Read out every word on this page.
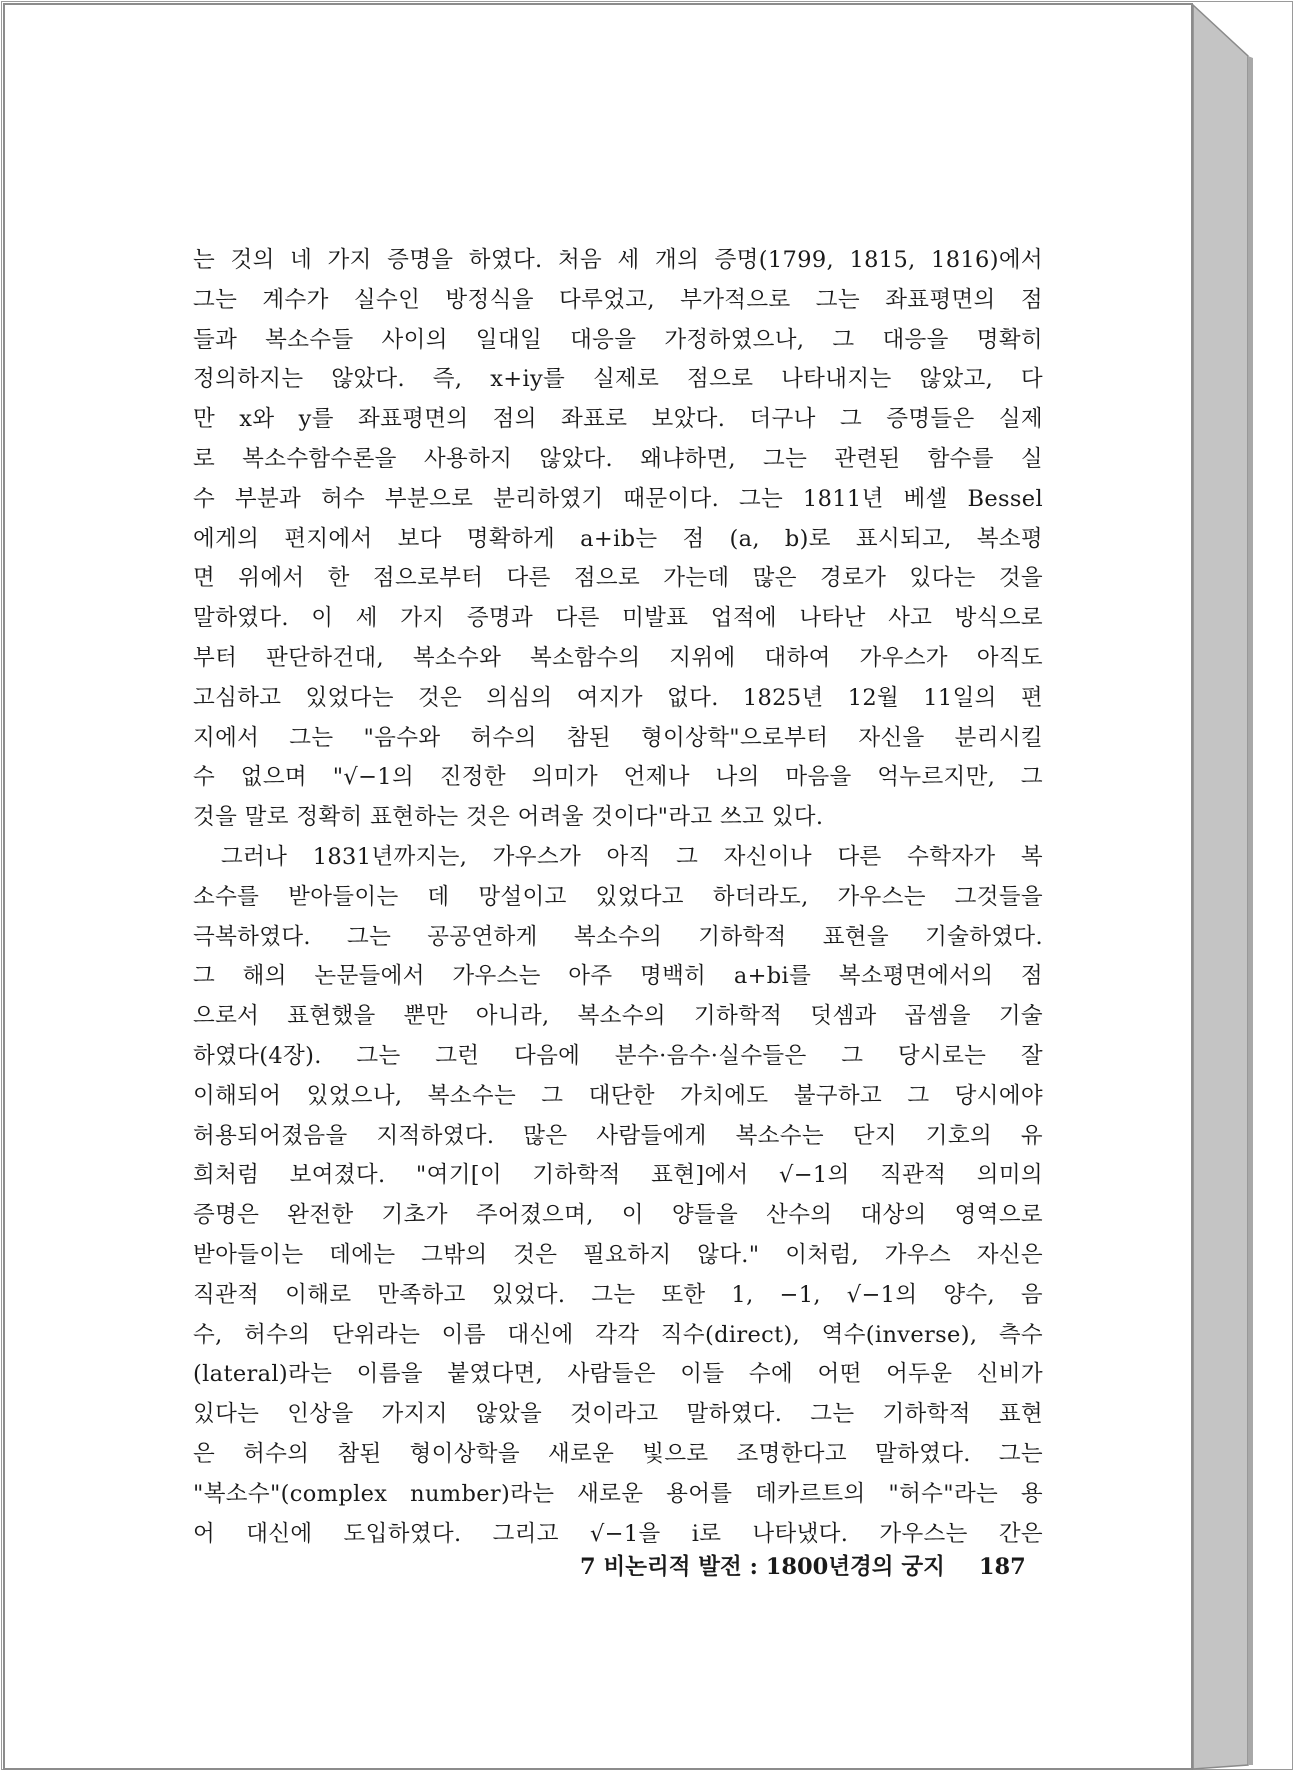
는 것의 네 가지 증명을 하였다. 처음 세 개의 증명(1799, 1815, 1816)에서
그는 계수가 실수인 방정식을 다루었고, 부가적으로 그는 좌표평면의 점
들과 복소수들 사이의 일대일 대응을 가정하였으나, 그 대응을 명확히
정의하지는 않았다. 즉, x+iy를 실제로 점으로 나타내지는 않았고, 다
만 x와 y를 좌표평면의 점의 좌표로 보았다. 더구나 그 증명들은 실제
로 복소수함수론을 사용하지 않았다. 왜냐하면, 그는 관련된 함수를 실
수 부분과 허수 부분으로 분리하였기 때문이다. 그는 1811년 베셀 Bessel
에게의 편지에서 보다 명확하게 a+ib는 점 (a, b)로 표시되고, 복소평
면 위에서 한 점으로부터 다른 점으로 가는데 많은 경로가 있다는 것을
말하였다. 이 세 가지 증명과 다른 미발표 업적에 나타난 사고 방식으로
부터 판단하건대, 복소수와 복소함수의 지위에 대하여 가우스가 아직도
고심하고 있었다는 것은 의심의 여지가 없다. 1825년 12월 11일의 편
지에서 그는 "음수와 허수의 참된 형이상학"으로부터 자신을 분리시킬
수 없으며 "√−1의 진정한 의미가 언제나 나의 마음을 억누르지만, 그
것을 말로 정확히 표현하는 것은 어려울 것이다"라고 쓰고 있다.
그러나 1831년까지는, 가우스가 아직 그 자신이나 다른 수학자가 복
소수를 받아들이는 데 망설이고 있었다고 하더라도, 가우스는 그것들을
극복하였다. 그는 공공연하게 복소수의 기하학적 표현을 기술하였다.
그 해의 논문들에서 가우스는 아주 명백히 a+bi를 복소평면에서의 점
으로서 표현했을 뿐만 아니라, 복소수의 기하학적 덧셈과 곱셈을 기술
하였다(4장). 그는 그런 다음에 분수·음수·실수들은 그 당시로는 잘
이해되어 있었으나, 복소수는 그 대단한 가치에도 불구하고 그 당시에야
허용되어졌음을 지적하였다. 많은 사람들에게 복소수는 단지 기호의 유
희처럼 보여졌다. "여기[이 기하학적 표현]에서 √−1의 직관적 의미의
증명은 완전한 기초가 주어졌으며, 이 양들을 산수의 대상의 영역으로
받아들이는 데에는 그밖의 것은 필요하지 않다." 이처럼, 가우스 자신은
직관적 이해로 만족하고 있었다. 그는 또한 1, −1, √−1의 양수, 음
수, 허수의 단위라는 이름 대신에 각각 직수(direct), 역수(inverse), 측수
(lateral)라는 이름을 붙였다면, 사람들은 이들 수에 어떤 어두운 신비가
있다는 인상을 가지지 않았을 것이라고 말하였다. 그는 기하학적 표현
은 허수의 참된 형이상학을 새로운 빛으로 조명한다고 말하였다. 그는
"복소수"(complex number)라는 새로운 용어를 데카르트의 "허수"라는 용
어 대신에 도입하였다. 그리고 √−1을 i로 나타냈다. 가우스는 간은
7 비논리적 발전 : 1800년경의 궁지 187
